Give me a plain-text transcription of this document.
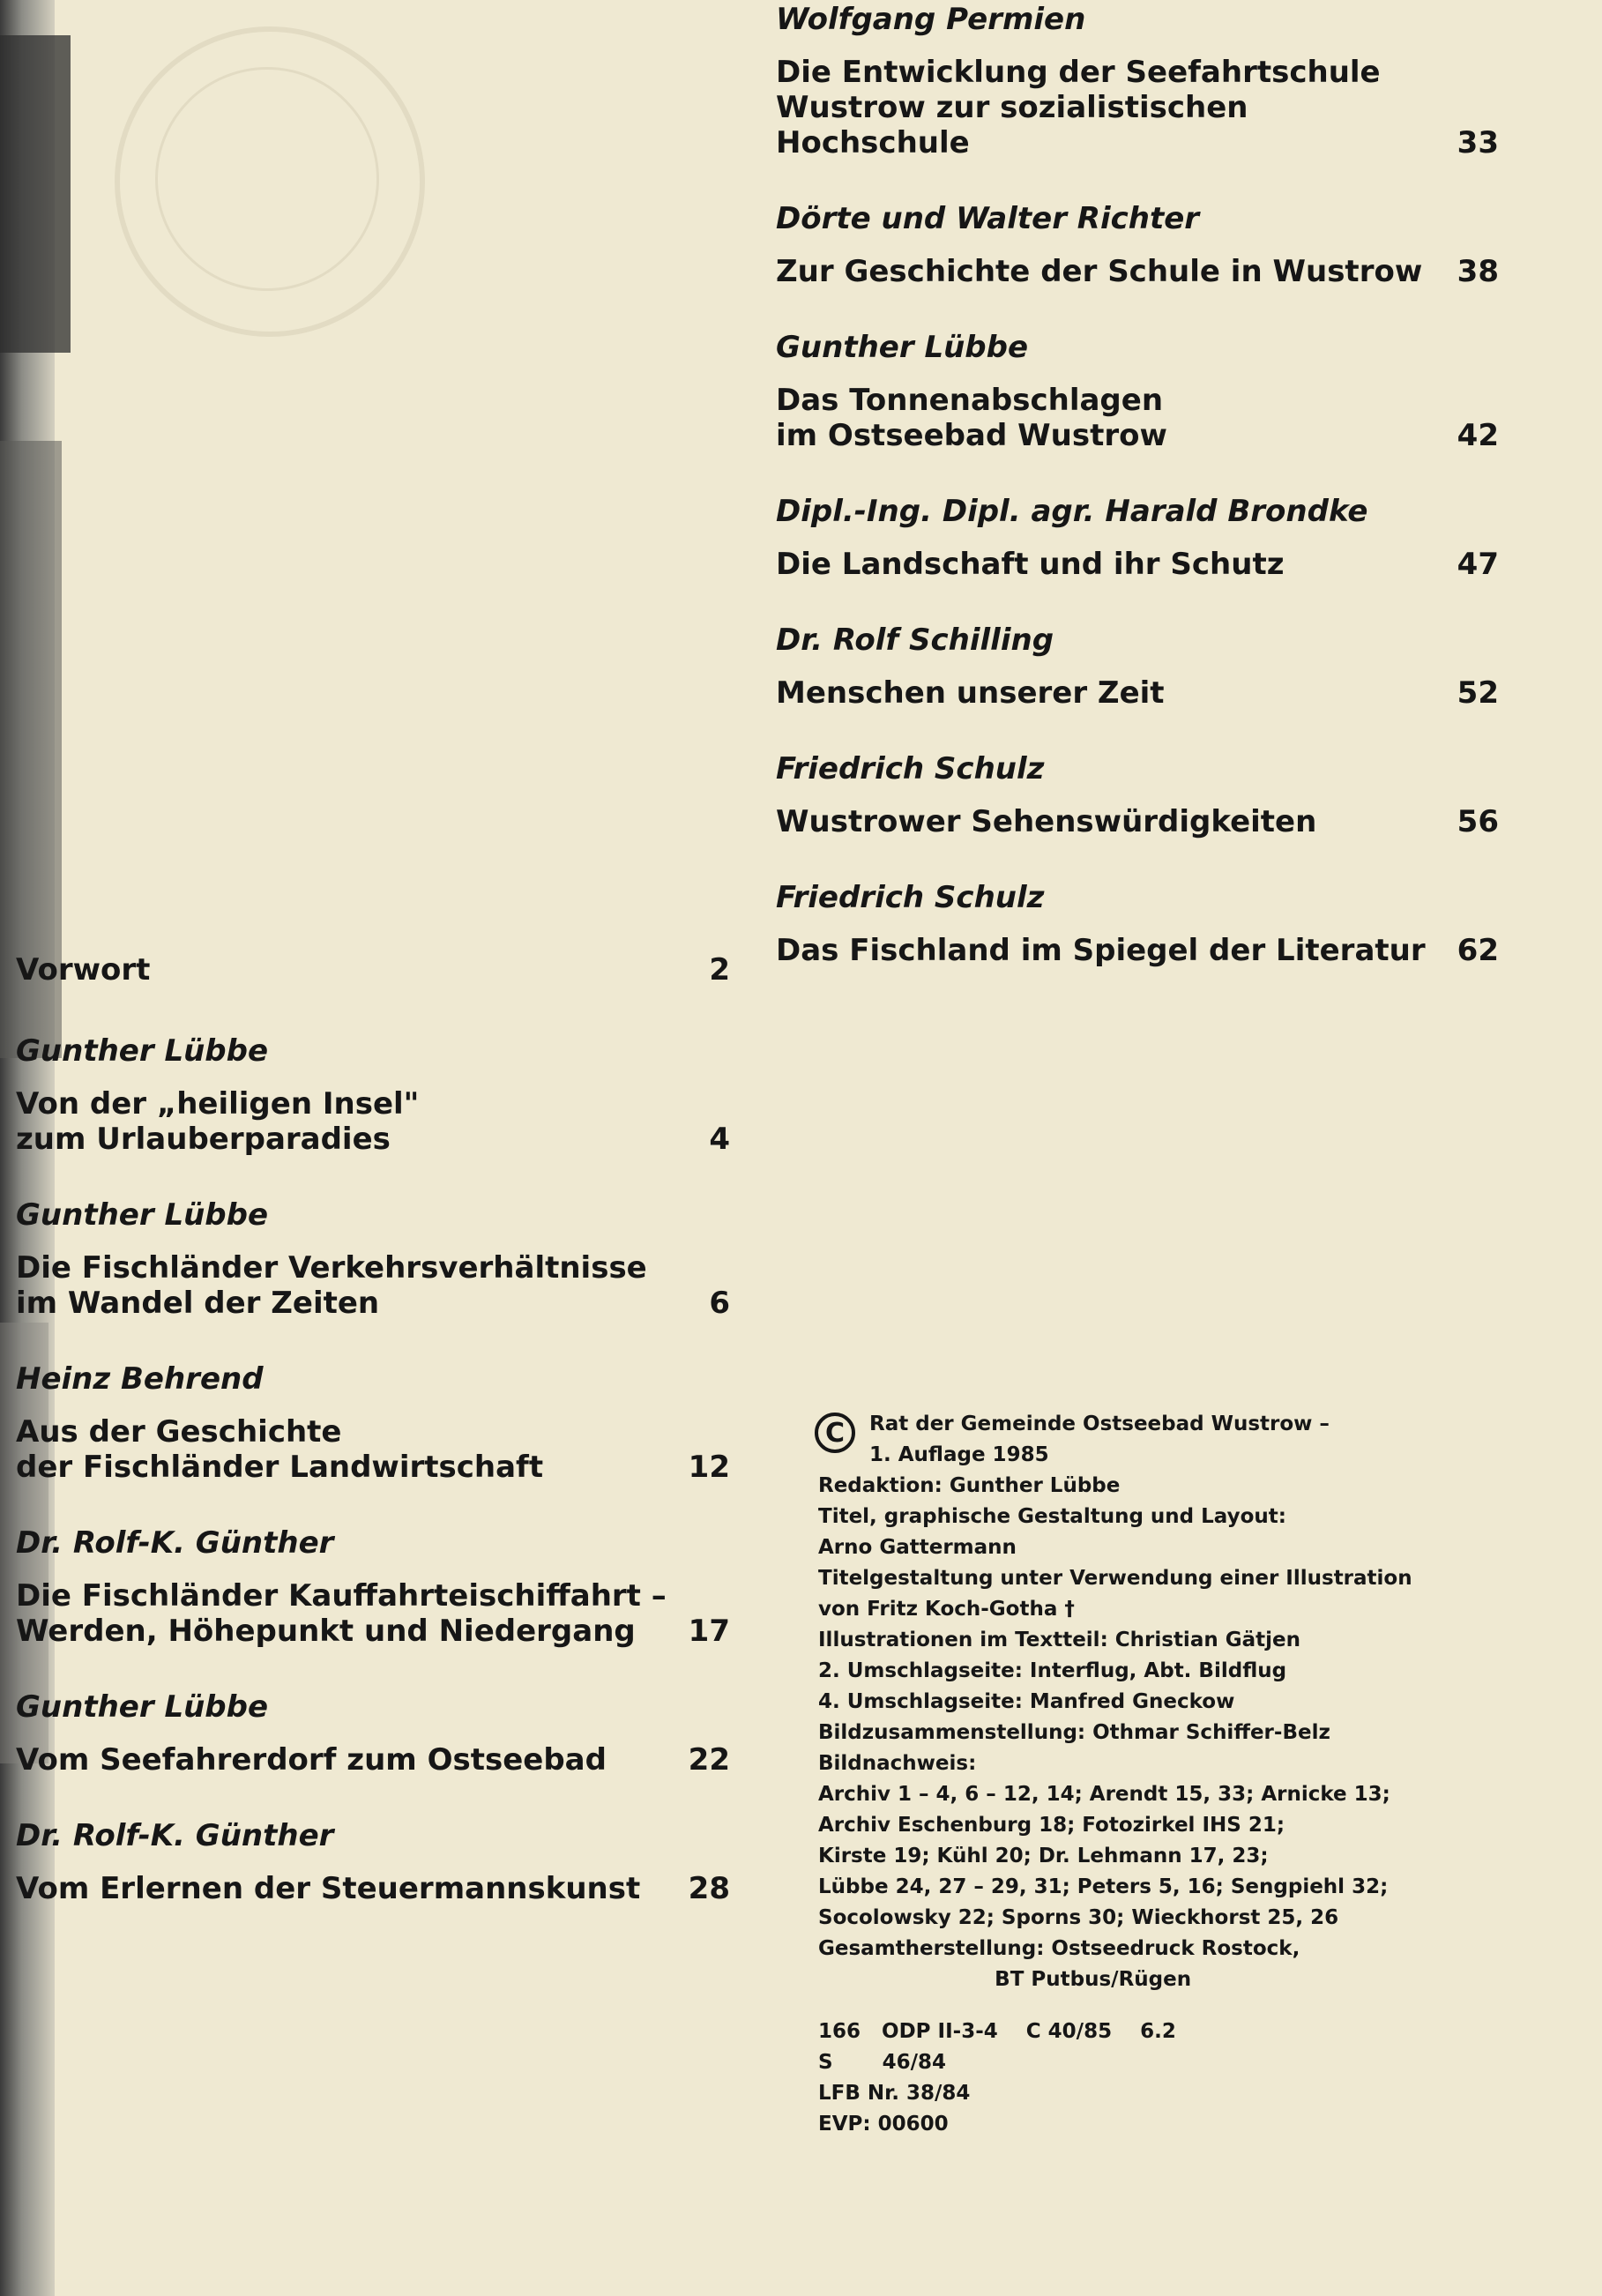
Vorwort	2

Gunther Lübbe

Von der „heiligen Insel"
zum Urlauberparadies	4

Gunther Lübbe

Die Fischländer Verkehrsverhältnisse
im Wandel der Zeiten	6

Heinz Behrend

Aus der Geschichte
der Fischländer Landwirtschaft	12

Dr. Rolf-K. Günther

Die Fischländer Kauffahrteischiffahrt –
Werden, Höhepunkt und Niedergang	17

Gunther Lübbe

Vom Seefahrerdorf zum Ostseebad	22

Dr. Rolf-K. Günther

Vom Erlernen der Steuermannskunst 28

Wolfgang Permien

Die Entwicklung der Seefahrtschule
Wustrow zur sozialistischen Hochschule	33

Dörte und Walter Richter

Zur Geschichte der Schule in Wustrow 38

Gunther Lübbe

Das Tonnenabschlagen
im Ostseebad Wustrow	42

Dipl.-Ing. Dipl. agr. Harald Brondke

Die Landschaft und ihr Schutz	47

Dr. Rolf Schilling

Menschen unserer Zeit	52

Friedrich Schulz

Wustrower Sehenswürdigkeiten	56

Friedrich Schulz

Das Fischland im Spiegel der Literatur 62
C	Rat der Gemeinde Ostseebad Wustrow –
1. Auflage 1985
Redaktion: Gunther Lübbe
Titel, graphische Gestaltung und Layout:
Arno Gattermann
Titelgestaltung unter Verwendung einer Illustration
von Fritz Koch-Gotha †
Illustrationen im Textteil: Christian Gätjen
2. Umschlagseite: Interflug, Abt. Bildflug
4. Umschlagseite: Manfred Gneckow
Bildzusammenstellung: Othmar Schiffer-Belz
Bildnachweis:
Archiv 1 – 4, 6 – 12, 14; Arendt 15, 33; Arnicke 13;
Archiv Eschenburg 18; Fotozirkel IHS 21;
Kirste 19; Kühl 20; Dr. Lehmann 17, 23;
Lübbe 24, 27 – 29, 31; Peters 5, 16; Sengpiehl 32;
Socolowsky 22; Sporns 30; Wieckhorst 25, 26
Gesamtherstellung: Ostseedruck Rostock,
BT Putbus/Rügen
166   ODP II-3-4    C 40/85    6.2
S       46/84
LFB Nr. 38/84
EVP: 00600
